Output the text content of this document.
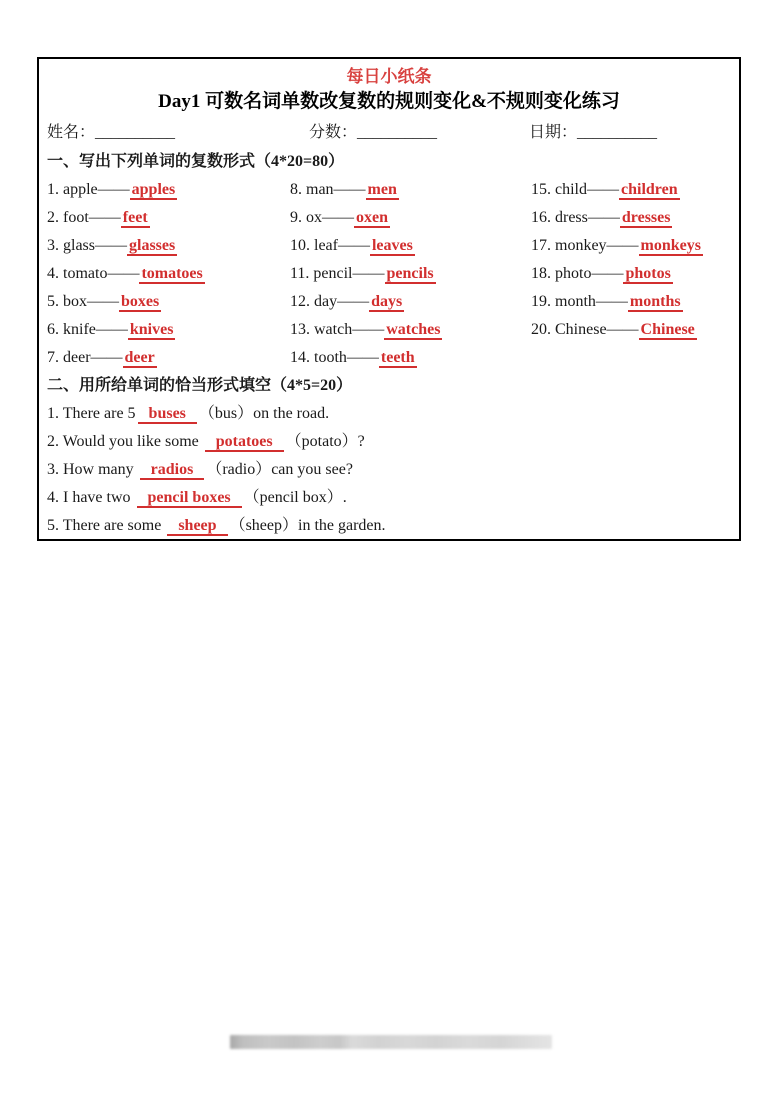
每日小纸条
Day1 可数名词单数改复数的规则变化&不规则变化练习
姓名：__________	分数：__________	日期：__________
一、写出下列单词的复数形式（4*20=80）
1. apple—— apples
2. foot—— feet
3. glass—— glasses
4. tomato—— tomatoes
5. box—— boxes
6. knife—— knives
7. deer—— deer
8. man—— men
9. ox—— oxen
10. leaf—— leaves
11. pencil—— pencils
12. day—— days
13. watch—— watches
14. tooth—— teeth
15. child—— children
16. dress—— dresses
17. monkey—— monkeys
18. photo—— photos
19. month—— months
20. Chinese—— Chinese
二、用所给单词的恰当形式填空（4*5=20）
1. There are 5 buses （bus）on the road.
2. Would you like some potatoes （potato）?
3. How many radios （radio）can you see?
4. I have two pencil boxes （pencil box）.
5. There are some sheep （sheep）in the garden.
